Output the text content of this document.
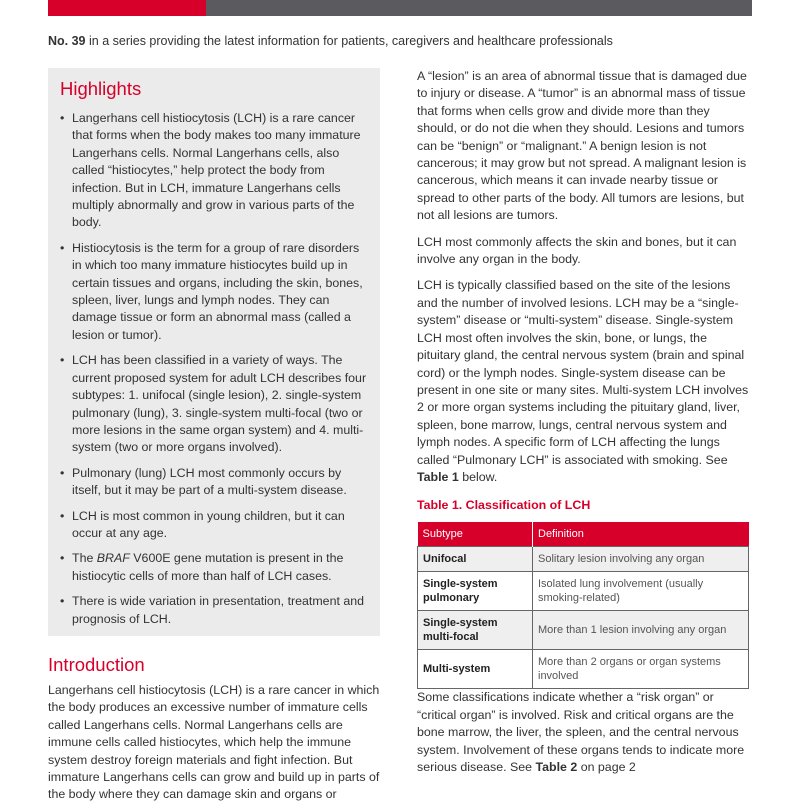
No. 39 in a series providing the latest information for patients, caregivers and healthcare professionals
Highlights
• Langerhans cell histiocytosis (LCH) is a rare cancer that forms when the body makes too many immature Langerhans cells. Normal Langerhans cells, also called “histiocytes,” help protect the body from infection. But in LCH, immature Langerhans cells multiply abnormally and grow in various parts of the body.
• Histiocytosis is the term for a group of rare disorders in which too many immature histiocytes build up in certain tissues and organs, including the skin, bones, spleen, liver, lungs and lymph nodes. They can damage tissue or form an abnormal mass (called a lesion or tumor).
• LCH has been classified in a variety of ways. The current proposed system for adult LCH describes four subtypes: 1. unifocal (single lesion), 2. single-system pulmonary (lung), 3. single-system multi-focal (two or more lesions in the same organ system) and 4. multi-system (two or more organs involved).
• Pulmonary (lung) LCH most commonly occurs by itself, but it may be part of a multi-system disease.
• LCH is most common in young children, but it can occur at any age.
• The BRAF V600E gene mutation is present in the histiocytic cells of more than half of LCH cases.
• There is wide variation in presentation, treatment and prognosis of LCH.
Introduction
Langerhans cell histiocytosis (LCH) is a rare cancer in which the body produces an excessive number of immature cells called Langerhans cells. Normal Langerhans cells are immune cells called histiocytes, which help the immune system destroy foreign materials and fight infection. But immature Langerhans cells can grow and build up in parts of the body where they can damage skin and organs or

A “lesion” is an area of abnormal tissue that is damaged due to injury or disease. A “tumor” is an abnormal mass of tissue that forms when cells grow and divide more than they should, or do not die when they should. Lesions and tumors can be “benign” or “malignant.” A benign lesion is not cancerous; it may grow but not spread. A malignant lesion is cancerous, which means it can invade nearby tissue or spread to other parts of the body. All tumors are lesions, but not all lesions are tumors.

LCH most commonly affects the skin and bones, but it can involve any organ in the body.

LCH is typically classified based on the site of the lesions and the number of involved lesions. LCH may be a “single-system” disease or “multi-system” disease. Single-system LCH most often involves the skin, bone, or lungs, the pituitary gland, the central nervous system (brain and spinal cord) or the lymph nodes. Single-system disease can be present in one site or many sites. Multi-system LCH involves 2 or more organ systems including the pituitary gland, liver, spleen, bone marrow, lungs, central nervous system and lymph nodes. A specific form of LCH affecting the lungs called “Pulmonary LCH” is associated with smoking. See Table 1 below.

Table 1. Classification of LCH
Subtype	Definition
Unifocal	Solitary lesion involving any organ
Single-system pulmonary	Isolated lung involvement (usually smoking-related)
Single-system multi-focal	More than 1 lesion involving any organ
Multi-system	More than 2 organs or organ systems involved

Some classifications indicate whether a “risk organ” or “critical organ” is involved. Risk and critical organs are the bone marrow, the liver, the spleen, and the central nervous system. Involvement of these organs tends to indicate more serious disease. See Table 2 on page 2
